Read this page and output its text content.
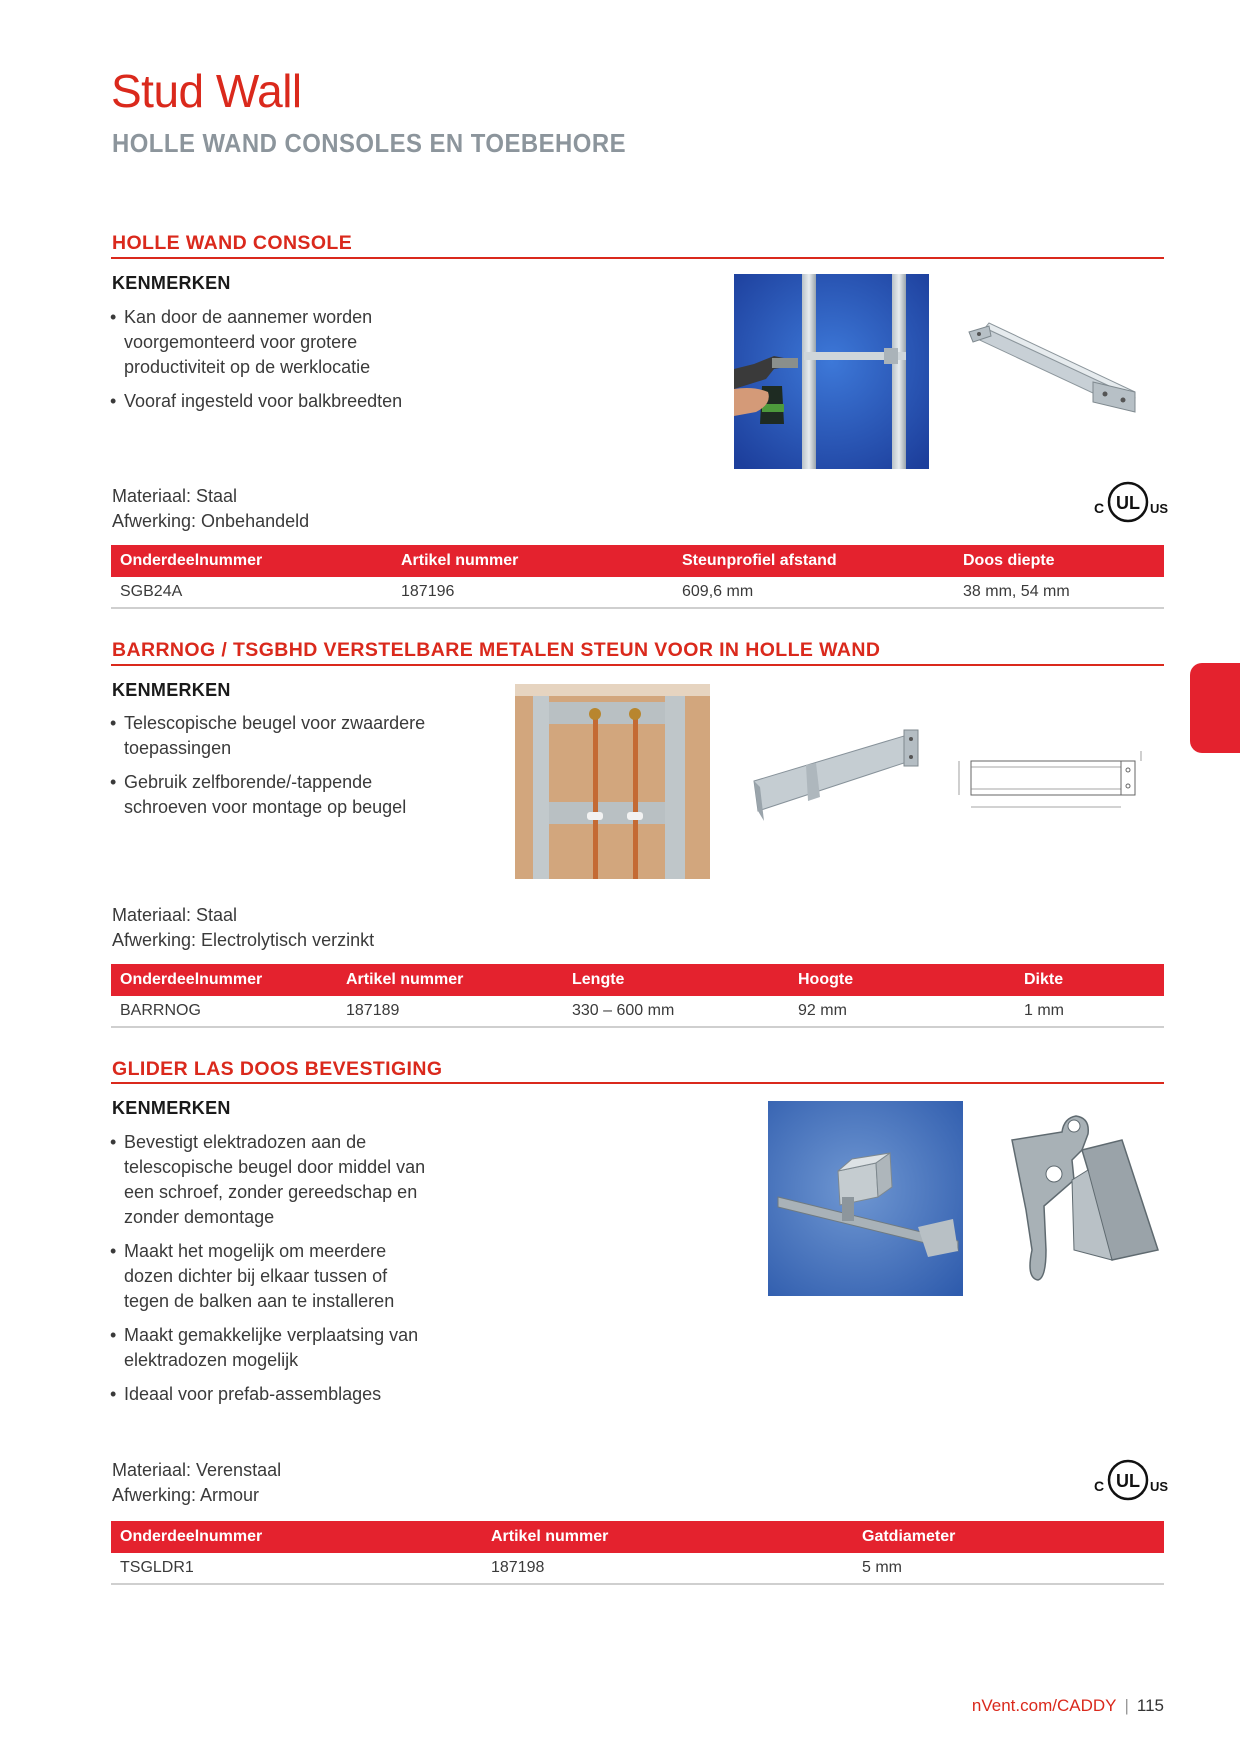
Stud Wall
HOLLE WAND CONSOLES EN TOEBEHORE
HOLLE WAND CONSOLE
KENMERKEN
• Kan door de aannemer worden voorgemonteerd voor grotere productiviteit op de werklocatie
• Vooraf ingesteld voor balkbreedten
Materiaal: Staal
Afwerking: Onbehandeld
UL
C	US
Onderdeelnummer	Artikel nummer	Steunprofiel afstand	Doos diepte
SGB24A	187196	609,6 mm	38 mm, 54 mm
BARRNOG / TSGBHD VERSTELBARE METALEN STEUN VOOR IN HOLLE WAND
KENMERKEN
• Telescopische beugel voor zwaardere toepassingen
• Gebruik zelfborende/-tappende schroeven voor montage op beugel
Materiaal: Staal
Afwerking: Electrolytisch verzinkt
Onderdeelnummer	Artikel nummer	Lengte	Hoogte	Dikte
BARRNOG	187189	330 – 600 mm	92 mm	1 mm
GLIDER LAS DOOS BEVESTIGING
KENMERKEN
• Bevestigt elektradozen aan de telescopische beugel door middel van een schroef, zonder gereedschap en zonder demontage
• Maakt het mogelijk om meerdere dozen dichter bij elkaar tussen of tegen de balken aan te installeren
• Maakt gemakkelijke verplaatsing van elektradozen mogelijk
• Ideaal voor prefab-assemblages
Materiaal: Verenstaal
Afwerking: Armour
UL
C	US
Onderdeelnummer	Artikel nummer	Gatdiameter
TSGLDR1	187198	5 mm
nVent.com/CADDY | 115
